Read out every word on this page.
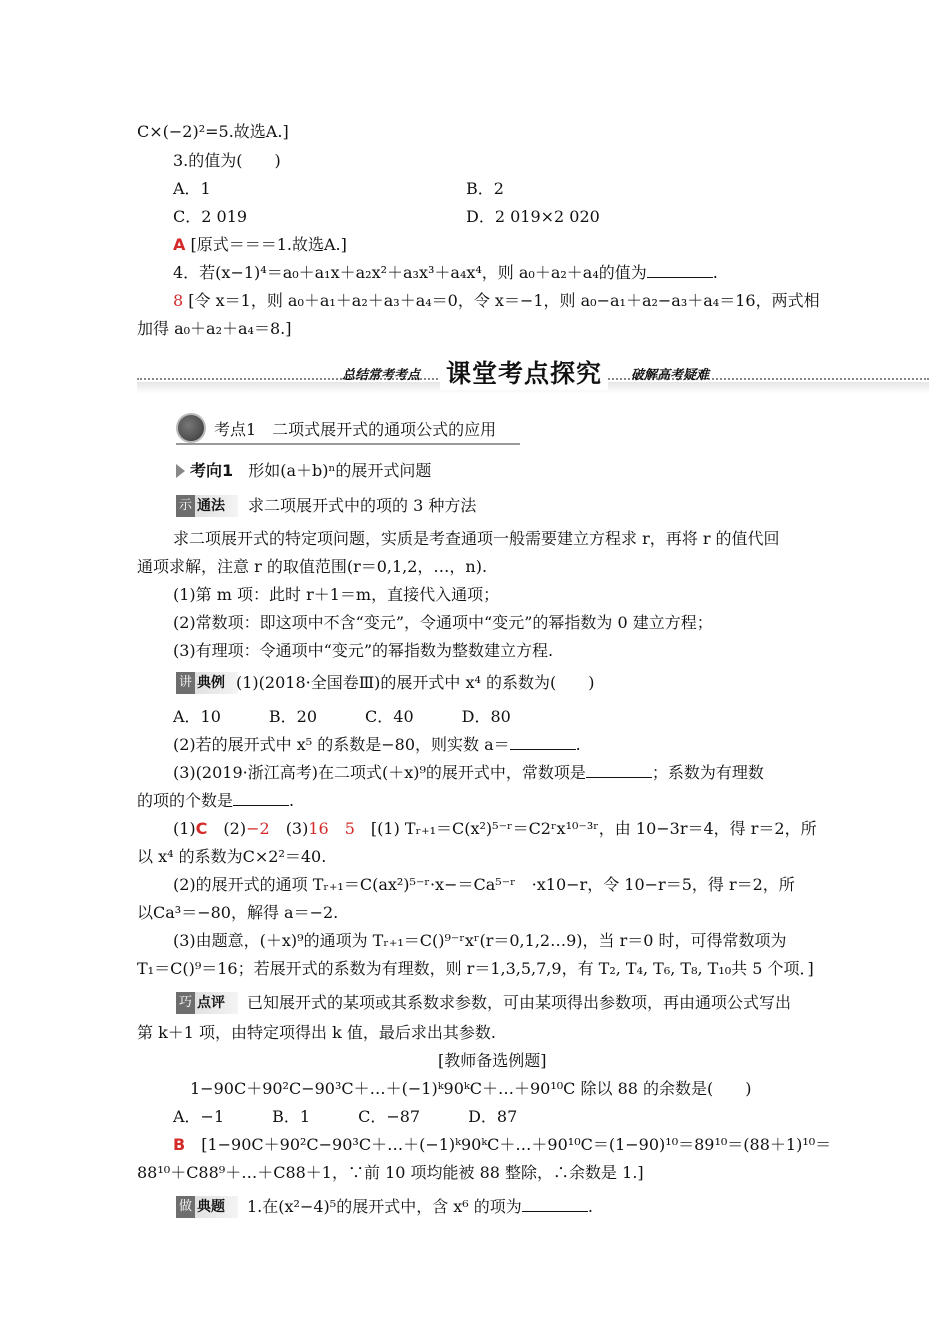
C×(−2)²=5.故选A.]
3.的值为(　　)
A．1	B．2
C．2 019	D．2 019×2 020
A [原式＝＝＝1.故选A.]
4．若(x−1)⁴＝a₀＋a₁x＋a₂x²＋a₃x³＋a₄x⁴，则 a₀＋a₂＋a₄的值为	.
8 [令 x＝1，则 a₀＋a₁＋a₂＋a₃＋a₄＝0，令 x＝−1，则 a₀−a₁＋a₂−a₃＋a₄＝16，两式相
加得 a₀＋a₂＋a₄＝8.]
总结常考考点 课堂考点探究	破解高考疑难
考点1　二项式展开式的通项公式的应用
考向1 形如(a＋b)ⁿ的展开式问题
示 通法 求二项展开式中的项的 3 种方法
求二项展开式的特定项问题，实质是考查通项一般需要建立方程求 r，再将 r 的值代回
通项求解，注意 r 的取值范围(r＝0,1,2，…，n).
(1)第 m 项：此时 r＋1＝m，直接代入通项；
(2)常数项：即这项中不含“变元”，令通项中“变元”的幂指数为 0 建立方程；
(3)有理项：令通项中“变元”的幂指数为整数建立方程.
讲 典例 (1)(2018·全国卷Ⅲ)的展开式中 x⁴ 的系数为(　　)
A．10　　　B．20　　　C．40　　　D．80
(2)若的展开式中 x⁵ 的系数是−80，则实数 a＝	.
(3)(2019·浙江高考)在二项式(＋x)⁹的展开式中，常数项是	；系数为有理数
的项的个数是	.
(1)C　(2)−2　(3)16　5　[(1) Tᵣ₊₁＝C(x²)⁵⁻ʳ＝C2ʳx¹⁰⁻³ʳ，由 10−3r＝4，得 r＝2，所
以 x⁴ 的系数为C×2²＝40.
(2)的展开式的通项 Tᵣ₊₁＝C(ax²)⁵⁻ʳ·x−＝Ca⁵⁻ʳ　·x10−r，令 10−r＝5，得 r＝2，所
以Ca³＝−80，解得 a＝−2.
(3)由题意，(＋x)⁹的通项为 Tᵣ₊₁＝C()⁹⁻ʳxʳ(r＝0,1,2…9)，当 r＝0 时，可得常数项为
T₁＝C()⁹＝16；若展开式的系数为有理数，则 r＝1,3,5,7,9，有 T₂, T₄, T₆, T₈, T₁₀共 5 个项．]
巧 点评 已知展开式的某项或其系数求参数，可由某项得出参数项，再由通项公式写出
第 k＋1 项，由特定项得出 k 值，最后求出其参数.
[教师备选例题]
1−90C＋90²C−90³C＋…＋(−1)ᵏ90ᵏC＋…＋90¹⁰C 除以 88 的余数是(　　)
A．−1　　　B．1　　　C．−87　　　D．87
B　[1−90C＋90²C−90³C＋…＋(−1)ᵏ90ᵏC＋…＋90¹⁰C＝(1−90)¹⁰＝89¹⁰＝(88＋1)¹⁰＝
88¹⁰＋C88⁹＋…＋C88＋1，∵前 10 项均能被 88 整除，∴余数是 1.]
做 典题 1.在(x²−4)⁵的展开式中，含 x⁶ 的项为	.
